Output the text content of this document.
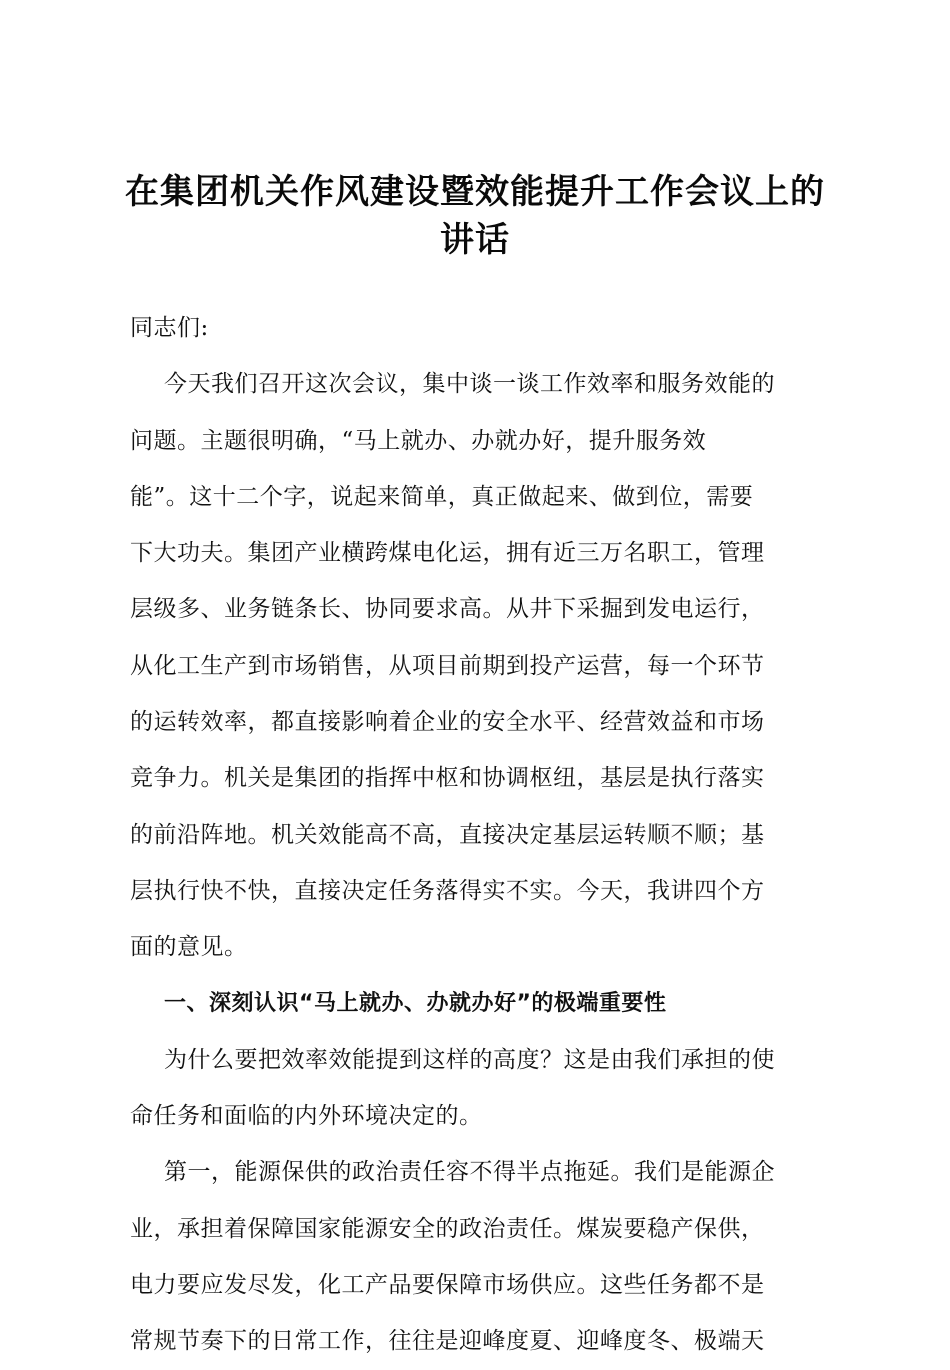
在集团机关作风建设暨效能提升工作会议上的
讲话
同志们:
今天我们召开这次会议，集中谈一谈工作效率和服务效能的
问题。主题很明确，“马上就办、办就办好，提升服务效
能”。这十二个字，说起来简单，真正做起来、做到位，需要
下大功夫。集团产业横跨煤电化运，拥有近三万名职工，管理
层级多、业务链条长、协同要求高。从井下采掘到发电运行，
从化工生产到市场销售，从项目前期到投产运营，每一个环节
的运转效率，都直接影响着企业的安全水平、经营效益和市场
竞争力。机关是集团的指挥中枢和协调枢纽，基层是执行落实
的前沿阵地。机关效能高不高，直接决定基层运转顺不顺；基
层执行快不快，直接决定任务落得实不实。今天，我讲四个方
面的意见。
一、深刻认识“马上就办、办就办好”的极端重要性
为什么要把效率效能提到这样的高度？这是由我们承担的使
命任务和面临的内外环境决定的。
第一，能源保供的政治责任容不得半点拖延。我们是能源企
业，承担着保障国家能源安全的政治责任。煤炭要稳产保供，
电力要应发尽发，化工产品要保障市场供应。这些任务都不是
常规节奏下的日常工作，往往是迎峰度夏、迎峰度冬、极端天
